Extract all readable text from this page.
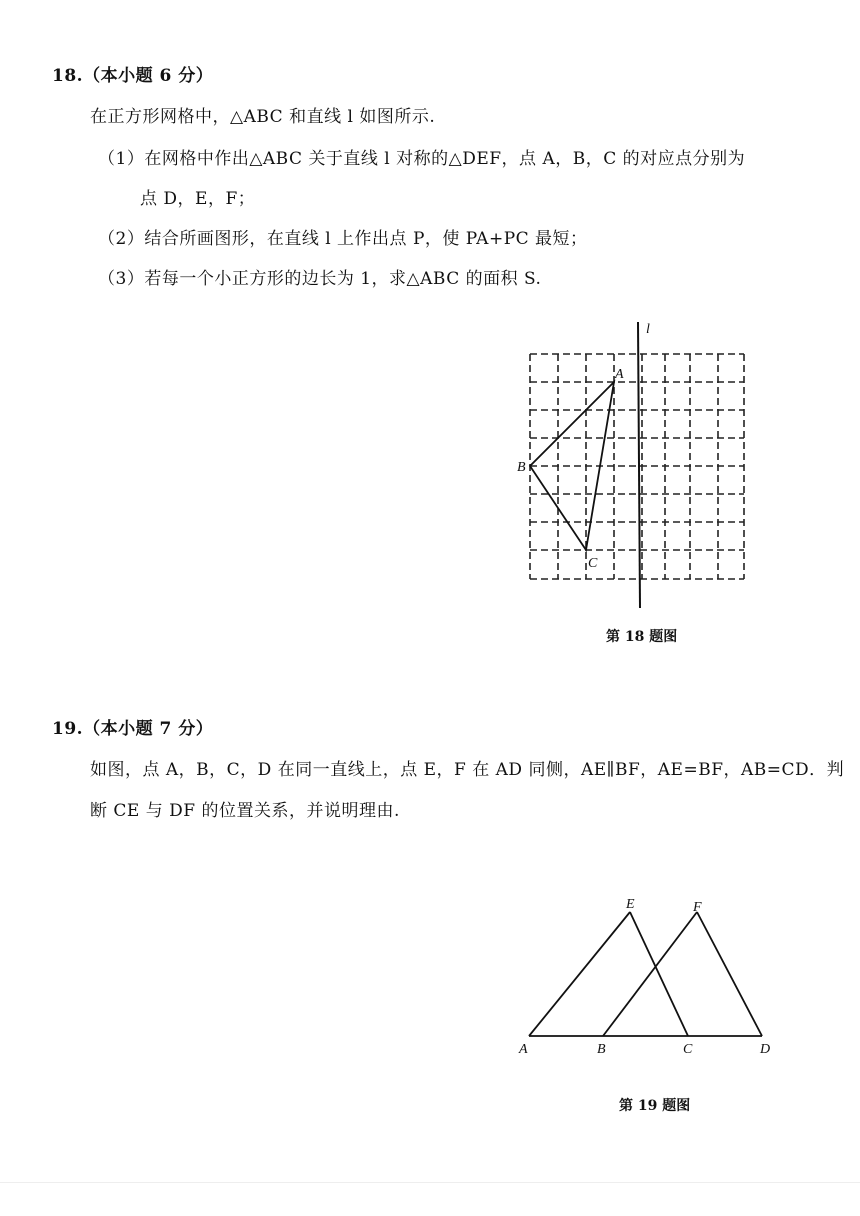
18.（本小题 6 分）
在正方形网格中，△ABC 和直线 l 如图所示.
（1）在网格中作出△ABC 关于直线 l 对称的△DEF，点 A，B，C 的对应点分别为
点 D，E，F；
（2）结合所画图形，在直线 l 上作出点 P，使 PA+PC 最短；
（3）若每一个小正方形的边长为 1，求△ABC 的面积 S.
l
A
B
C
第 18 题图
19.（本小题 7 分）
如图，点 A，B，C，D 在同一直线上，点 E，F 在 AD 同侧，AE∥BF，AE=BF，AB=CD．判
断 CE 与 DF 的位置关系，并说明理由.
E	F
A	B	C	D
第 19 题图
